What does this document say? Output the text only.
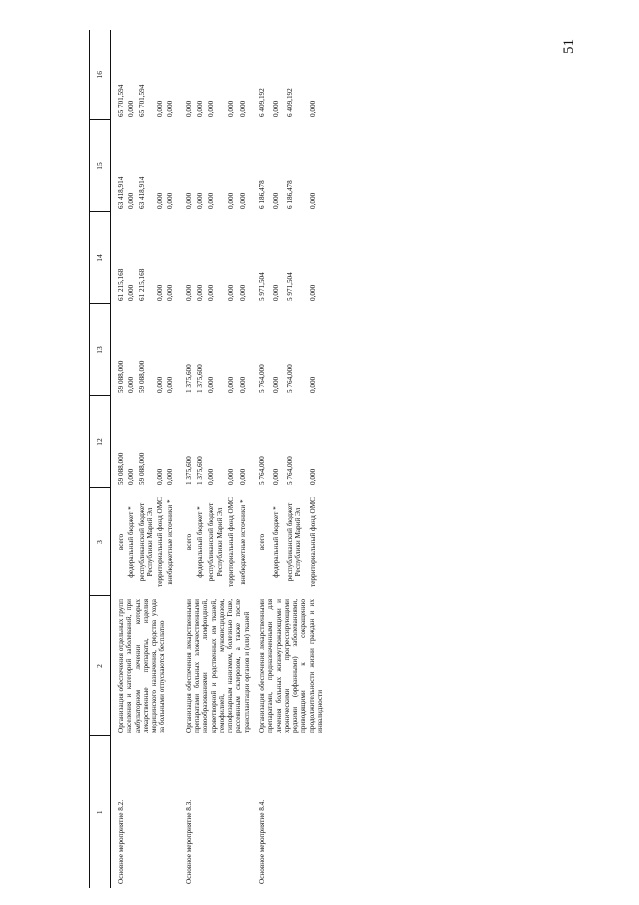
51
1	2	3	12	13	14	15	16
Основное мероприятие 8.2.	Организация обеспечения отдельных групп населения и категорий заболеваний, при амбулаторном лечении которых лекарственные препараты, изделия медицинского назначения, средства ухода за больными отпускаются бесплатно	всего	59 088,000	59 088,000	61 215,168	63 418,914	65 701,594
		федеральный бюджет *	0,000	0,000	0,000	0,000	0,000
		республиканский бюджет Республики Марий Эл	59 088,000	59 088,000	61 215,168	63 418,914	65 701,594
		территориальный фонд ОМС	0,000	0,000	0,000	0,000	0,000
		внебюджетные источники *	0,000	0,000	0,000	0,000	0,000
Основное мероприятие 8.3.	Организация обеспечения лекарственными препаратами больных злокачественными новообразованиями лимфоидной, кроветворной и родственных им тканей, гемофилией, муковисцидозом, гипофизарным нанизмом, болезнью Гоше, рассеянным склерозом, а также после трансплантации органов и (или) тканей	всего	1 375,600	1 375,600	0,000	0,000	0,000
		федеральный бюджет *	1 375,600	1 375,600	0,000	0,000	0,000
		республиканский бюджет Республики Марий Эл	0,000	0,000	0,000	0,000	0,000
		территориальный фонд ОМС	0,000	0,000	0,000	0,000	0,000
		внебюджетные источники *	0,000	0,000	0,000	0,000	0,000
Основное мероприятие 8.4.	Организация обеспечения лекарственными препаратами, предназначенными для лечения больных жизнеугрожающими и хроническими прогрессирующими редкими (орфанными) заболеваниями, приводящими к сокращению продолжительности жизни граждан и их инвалидности	всего	5 764,000	5 764,000	5 971,504	6 186,478	6 409,192
		федеральный бюджет *	0,000	0,000	0,000	0,000	0,000
		республиканский бюджет Республики Марий Эл	5 764,000	5 764,000	5 971,504	6 186,478	6 409,192
		территориальный фонд ОМС	0,000	0,000	0,000	0,000	0,000
